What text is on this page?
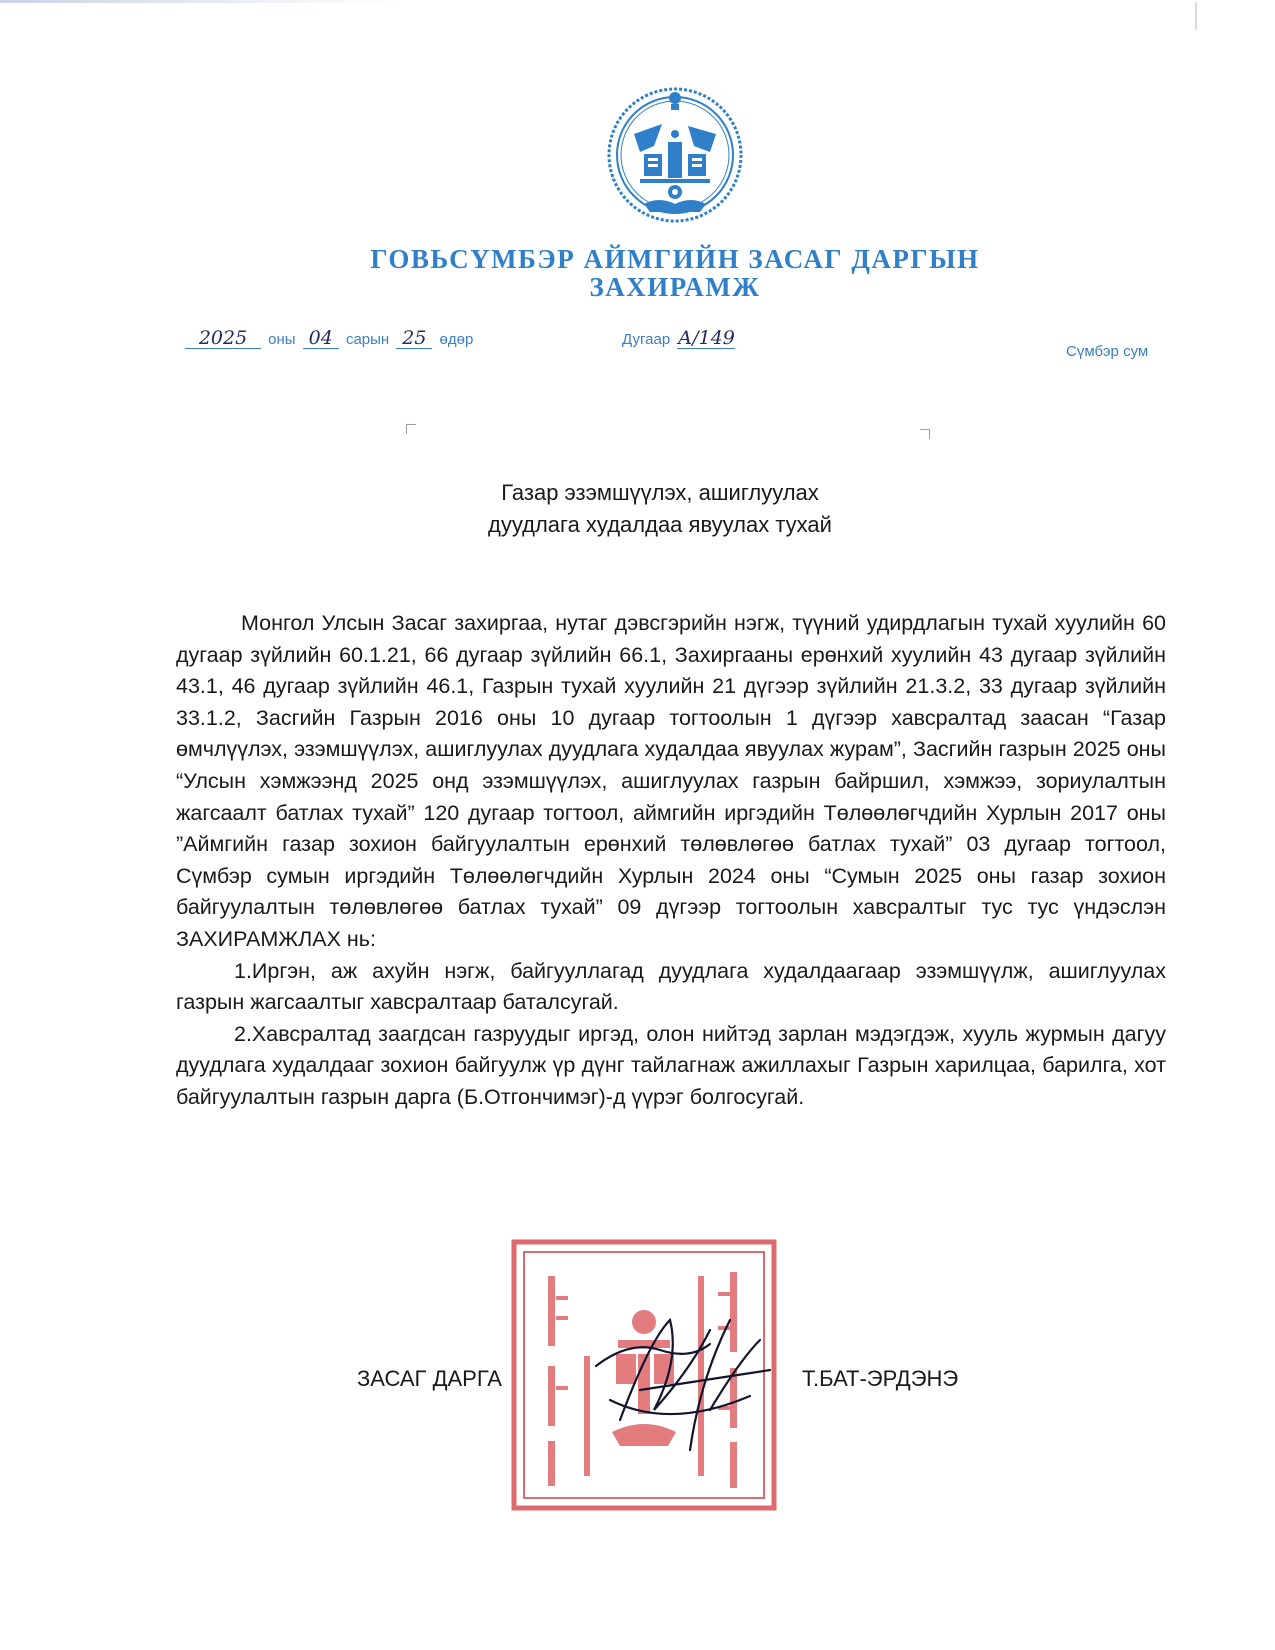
ГОВЬСҮМБЭР АЙМГИЙН ЗАСАГ ДАРГЫН
ЗАХИРАМЖ
2025 оны 04 сарын 25 өдөр	Дугаар А/149
Сүмбэр сум
Газар эзэмшүүлэх, ашиглуулах
дуудлага худалдаа явуулах тухай

Монгол Улсын Засаг захиргаа, нутаг дэвсгэрийн нэгж, түүний удирдлагын тухай хуулийн 60 дугаар зүйлийн 60.1.21, 66 дугаар зүйлийн 66.1, Захиргааны ерөнхий хуулийн 43 дугаар зүйлийн 43.1, 46 дугаар зүйлийн 46.1, Газрын тухай хуулийн 21 дүгээр зүйлийн 21.3.2, 33 дугаар зүйлийн 33.1.2, Засгийн Газрын 2016 оны 10 дугаар тогтоолын 1 дүгээр хавсралтад заасан “Газар өмчлүүлэх, эзэмшүүлэх, ашиглуулах дуудлага худалдаа явуулах журам”, Засгийн газрын 2025 оны “Улсын хэмжээнд 2025 онд эзэмшүүлэх, ашиглуулах газрын байршил, хэмжээ, зориулалтын жагсаалт батлах тухай” 120 дугаар тогтоол, аймгийн иргэдийн Төлөөлөгчдийн Хурлын 2017 оны ”Аймгийн газар зохион байгуулалтын ерөнхий төлөвлөгөө батлах тухай” 03 дугаар тогтоол, Сүмбэр сумын иргэдийн Төлөөлөгчдийн Хурлын 2024 оны “Сумын 2025 оны газар зохион байгуулалтын төлөвлөгөө батлах тухай” 09 дүгээр тогтоолын хавсралтыг тус тус үндэслэн ЗАХИРАМЖЛАХ нь:

1.Иргэн, аж ахуйн нэгж, байгууллагад дуудлага худалдаагаар эзэмшүүлж, ашиглуулах газрын жагсаалтыг хавсралтаар баталсугай.

2.Хавсралтад заагдсан газруудыг иргэд, олон нийтэд зарлан мэдэгдэж, хууль журмын дагуу дуудлага худалдааг зохион байгуулж үр дүнг тайлагнаж ажиллахыг Газрын харилцаа, барилга, хот байгуулалтын газрын дарга (Б.Отгончимэг)-д үүрэг болгосугай.

ЗАСАГ ДАРГА	Т.БАТ-ЭРДЭНЭ
